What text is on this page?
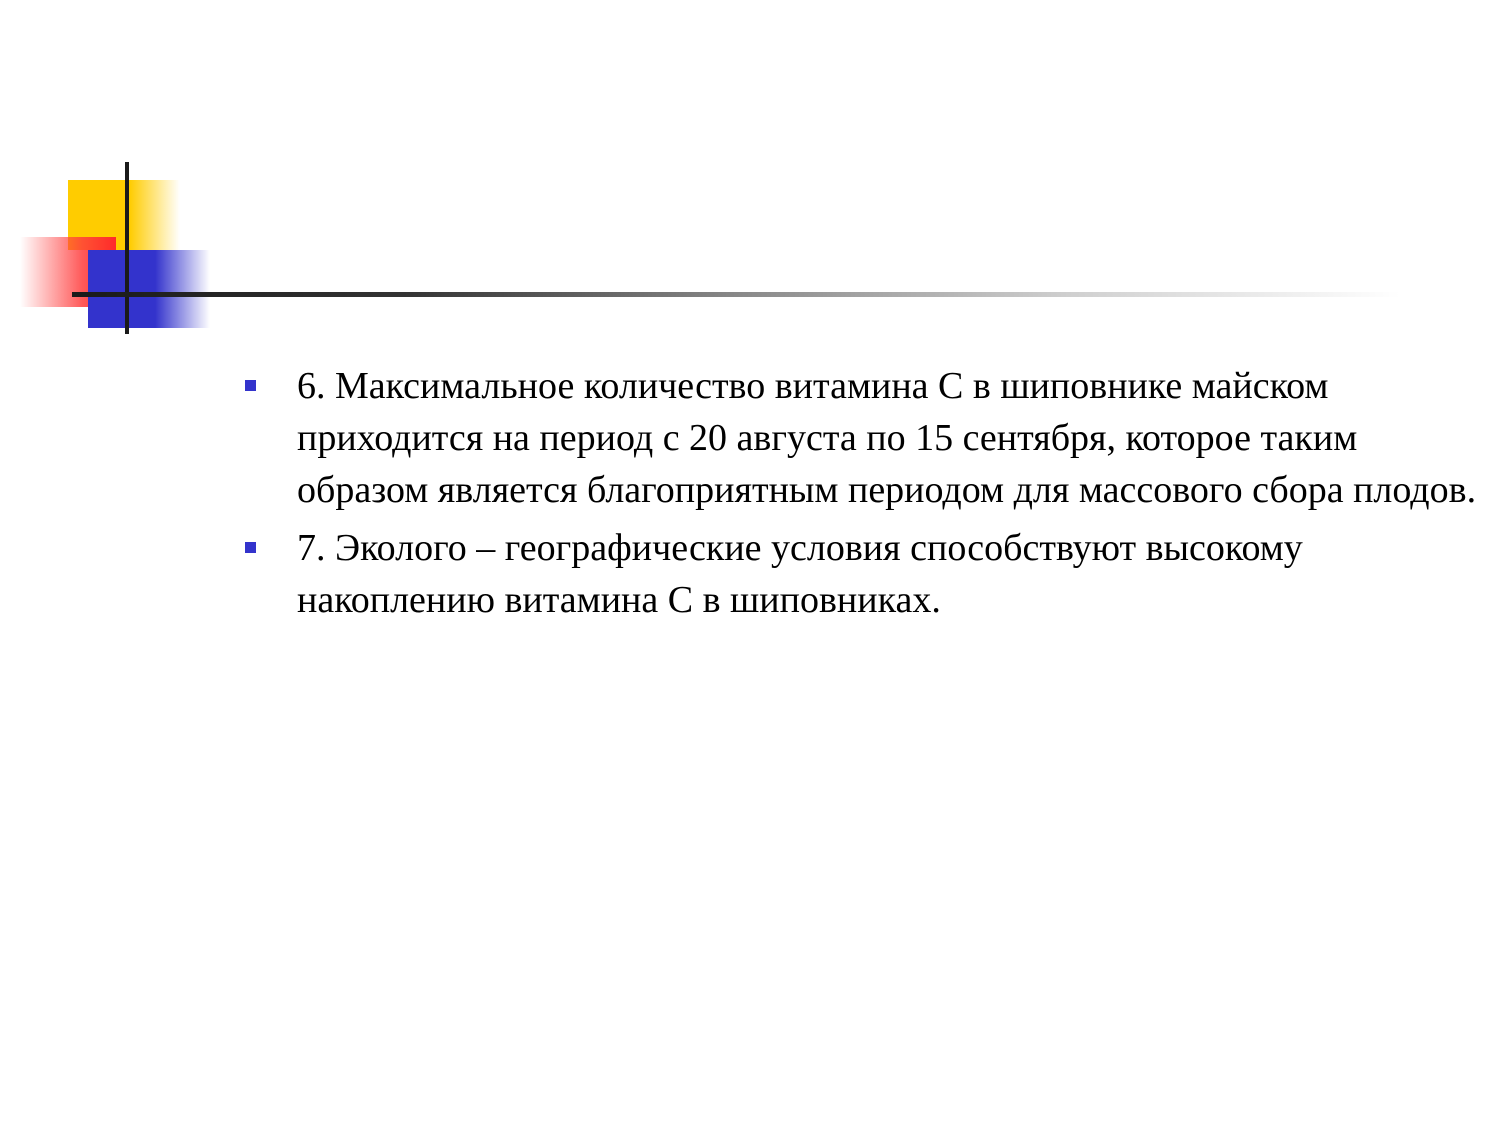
6. Максимальное количество витамина С в шиповнике майском приходится на период с 20 августа по 15 сентября, которое таким образом является благоприятным периодом для массового сбора плодов.
7. Эколого – географические условия способствуют высокому накоплению витамина С в шиповниках.
